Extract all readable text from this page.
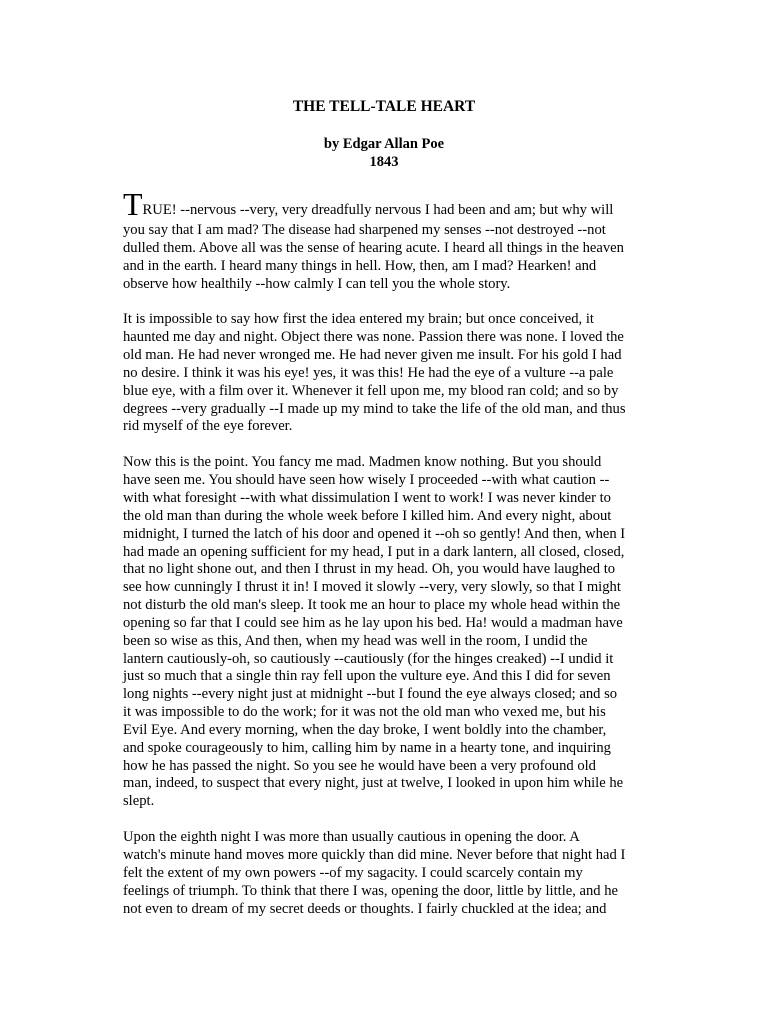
THE TELL-TALE HEART
by Edgar Allan Poe
1843

TRUE! --nervous --very, very dreadfully nervous I had been and am; but why will
you say that I am mad? The disease had sharpened my senses --not destroyed --not
dulled them. Above all was the sense of hearing acute. I heard all things in the heaven
and in the earth. I heard many things in hell. How, then, am I mad? Hearken! and
observe how healthily --how calmly I can tell you the whole story.

It is impossible to say how first the idea entered my brain; but once conceived, it
haunted me day and night. Object there was none. Passion there was none. I loved the
old man. He had never wronged me. He had never given me insult. For his gold I had
no desire. I think it was his eye! yes, it was this! He had the eye of a vulture --a pale
blue eye, with a film over it. Whenever it fell upon me, my blood ran cold; and so by
degrees --very gradually --I made up my mind to take the life of the old man, and thus
rid myself of the eye forever.

Now this is the point. You fancy me mad. Madmen know nothing. But you should
have seen me. You should have seen how wisely I proceeded --with what caution --
with what foresight --with what dissimulation I went to work! I was never kinder to
the old man than during the whole week before I killed him. And every night, about
midnight, I turned the latch of his door and opened it --oh so gently! And then, when I
had made an opening sufficient for my head, I put in a dark lantern, all closed, closed,
that no light shone out, and then I thrust in my head. Oh, you would have laughed to
see how cunningly I thrust it in! I moved it slowly --very, very slowly, so that I might
not disturb the old man's sleep. It took me an hour to place my whole head within the
opening so far that I could see him as he lay upon his bed. Ha! would a madman have
been so wise as this, And then, when my head was well in the room, I undid the
lantern cautiously-oh, so cautiously --cautiously (for the hinges creaked) --I undid it
just so much that a single thin ray fell upon the vulture eye. And this I did for seven
long nights --every night just at midnight --but I found the eye always closed; and so
it was impossible to do the work; for it was not the old man who vexed me, but his
Evil Eye. And every morning, when the day broke, I went boldly into the chamber,
and spoke courageously to him, calling him by name in a hearty tone, and inquiring
how he has passed the night. So you see he would have been a very profound old
man, indeed, to suspect that every night, just at twelve, I looked in upon him while he
slept.

Upon the eighth night I was more than usually cautious in opening the door. A
watch's minute hand moves more quickly than did mine. Never before that night had I
felt the extent of my own powers --of my sagacity. I could scarcely contain my
feelings of triumph. To think that there I was, opening the door, little by little, and he
not even to dream of my secret deeds or thoughts. I fairly chuckled at the idea; and
